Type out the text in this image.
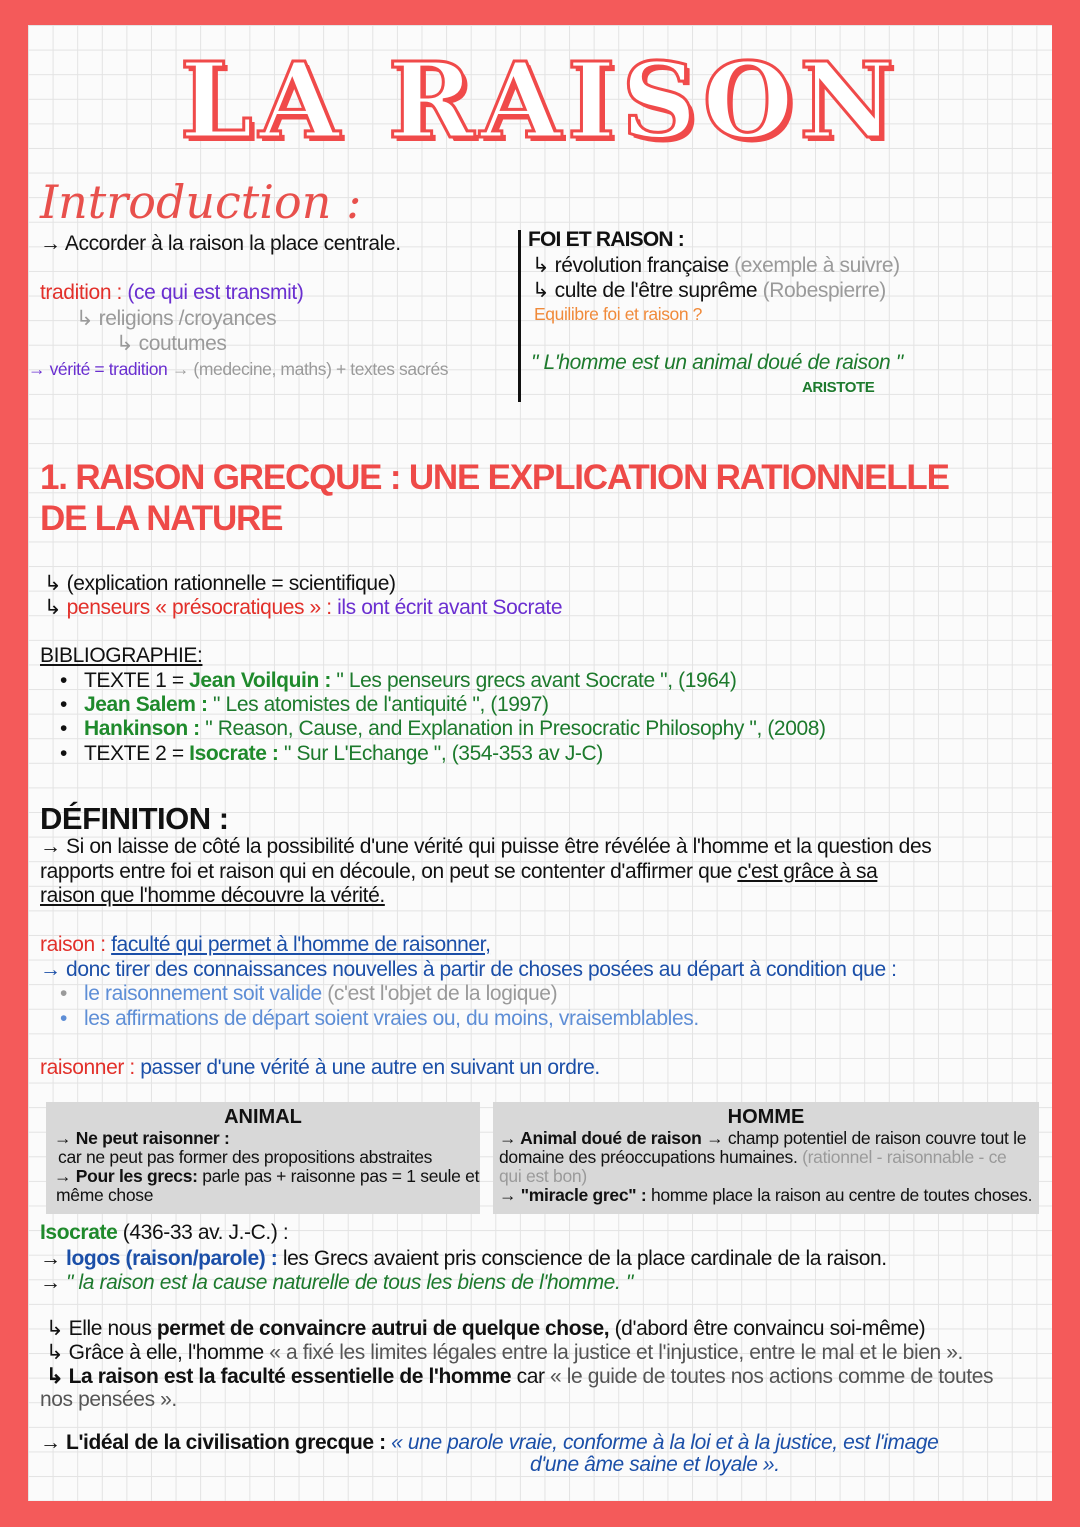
LA RAISON
Introduction :
→ Accorder à la raison la place centrale.
tradition : (ce qui est transmit)
↳ religions /croyances
↳ coutumes
→ vérité = tradition → (medecine, maths) + textes sacrés
FOI ET RAISON :
↳ révolution française (exemple à suivre)
↳ culte de l'être suprême (Robespierre)
Equilibre foi et raison ?
" L'homme est un animal doué de raison "
ARISTOTE
1. RAISON GRECQUE : UNE EXPLICATION RATIONNELLE
DE LA NATURE
↳ (explication rationnelle = scientifique)
↳ penseurs « présocratiques » : ils ont écrit avant Socrate
BIBLIOGRAPHIE:
• TEXTE 1 = Jean Voilquin : " Les penseurs grecs avant Socrate ", (1964)
• Jean Salem : " Les atomistes de l'antiquité ", (1997)
• Hankinson : " Reason, Cause, and Explanation in Presocratic Philosophy ", (2008)
• TEXTE 2 = Isocrate : " Sur L'Echange ", (354-353 av J-C)
DÉFINITION :
→ Si on laisse de côté la possibilité d'une vérité qui puisse être révélée à l'homme et la question des
rapports entre foi et raison qui en découle, on peut se contenter d'affirmer que c'est grâce à sa
raison que l'homme découvre la vérité.
raison : faculté qui permet à l'homme de raisonner,
→ donc tirer des connaissances nouvelles à partir de choses posées au départ à condition que :
• le raisonnement soit valide (c'est l'objet de la logique)
• les affirmations de départ soient vraies ou, du moins, vraisemblables.
raisonner : passer d'une vérité à une autre en suivant un ordre.
ANIMAL
→ Ne peut raisonner :
car ne peut pas former des propositions abstraites
→ Pour les grecs: parle pas + raisonne pas = 1 seule et
même chose
HOMME
→ Animal doué de raison → champ potentiel de raison couvre tout le
domaine des préoccupations humaines. (rationnel - raisonnable - ce
qui est bon)
→ "miracle grec" : homme place la raison au centre de toutes choses.
Isocrate (436-33 av. J.-C.) :
→ logos (raison/parole) : les Grecs avaient pris conscience de la place cardinale de la raison.
→ " la raison est la cause naturelle de tous les biens de l'homme. "
↳ Elle nous permet de convaincre autrui de quelque chose, (d'abord être convaincu soi-même)
↳ Grâce à elle, l'homme « a fixé les limites légales entre la justice et l'injustice, entre le mal et le bien ».
↳ La raison est la faculté essentielle de l'homme car « le guide de toutes nos actions comme de toutes
nos pensées ».
→ L'idéal de la civilisation grecque : « une parole vraie, conforme à la loi et à la justice, est l'image
d'une âme saine et loyale ».
